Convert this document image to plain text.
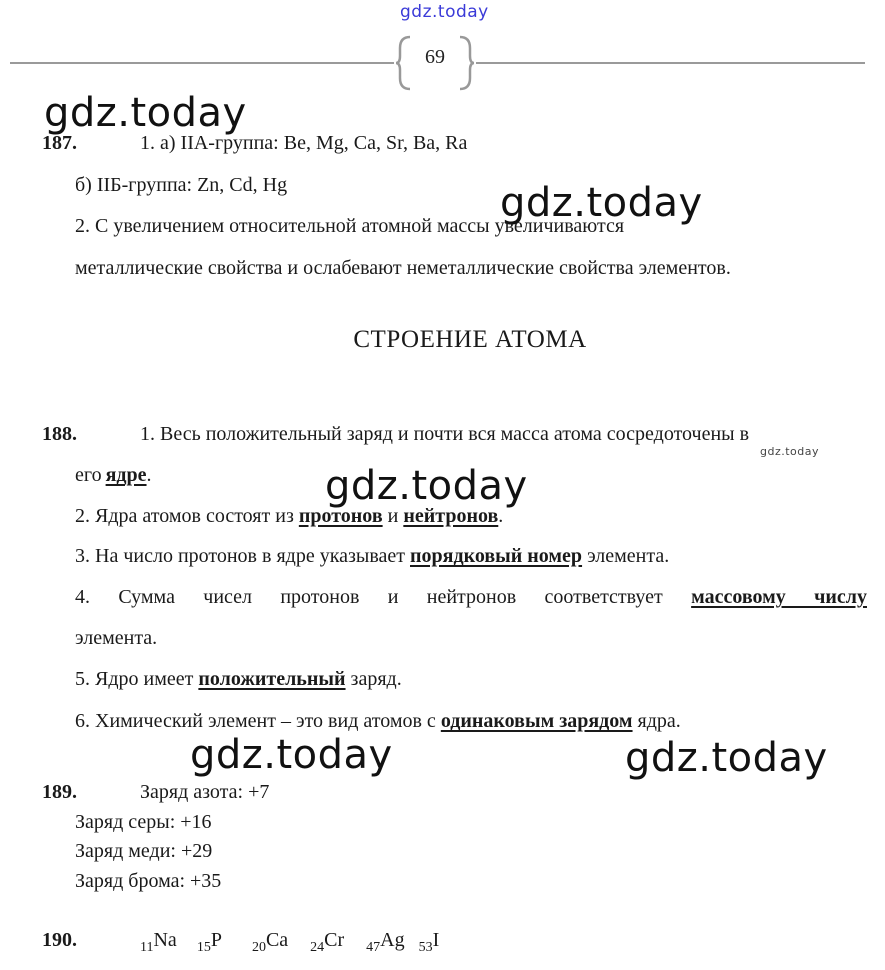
gdz.today
69
gdz.today
gdz.today
gdz.today
gdz.today
gdz.today	gdz.today
187.	1. а) IIA-группа: Be, Mg, Ca, Sr, Ba, Ra
б) IIБ-группа: Zn, Cd, Hg
2. С увеличением относительной атомной массы увеличиваются
металлические свойства и ослабевают неметаллические свойства элементов.
СТРОЕНИЕ АТОМА
188.	1. Весь положительный заряд и почти вся масса атома сосредоточены в
его ядре.
2. Ядра атомов состоят из протонов и нейтронов.
3. На число протонов в ядре указывает порядковый номер элемента.
4. Сумма чисел протонов и нейтронов соответствует массовому числу
элемента.
5. Ядро имеет положительный заряд.
6. Химический элемент – это вид атомов с одинаковым зарядом ядра.
189.	Заряд азота: +7
Заряд серы: +16
Заряд меди: +29
Заряд брома: +35
190.	$_{11}$Na $_{15}$P $_{20}$Ca $_{24}$Cr $_{47}$Ag $_{53}$I
